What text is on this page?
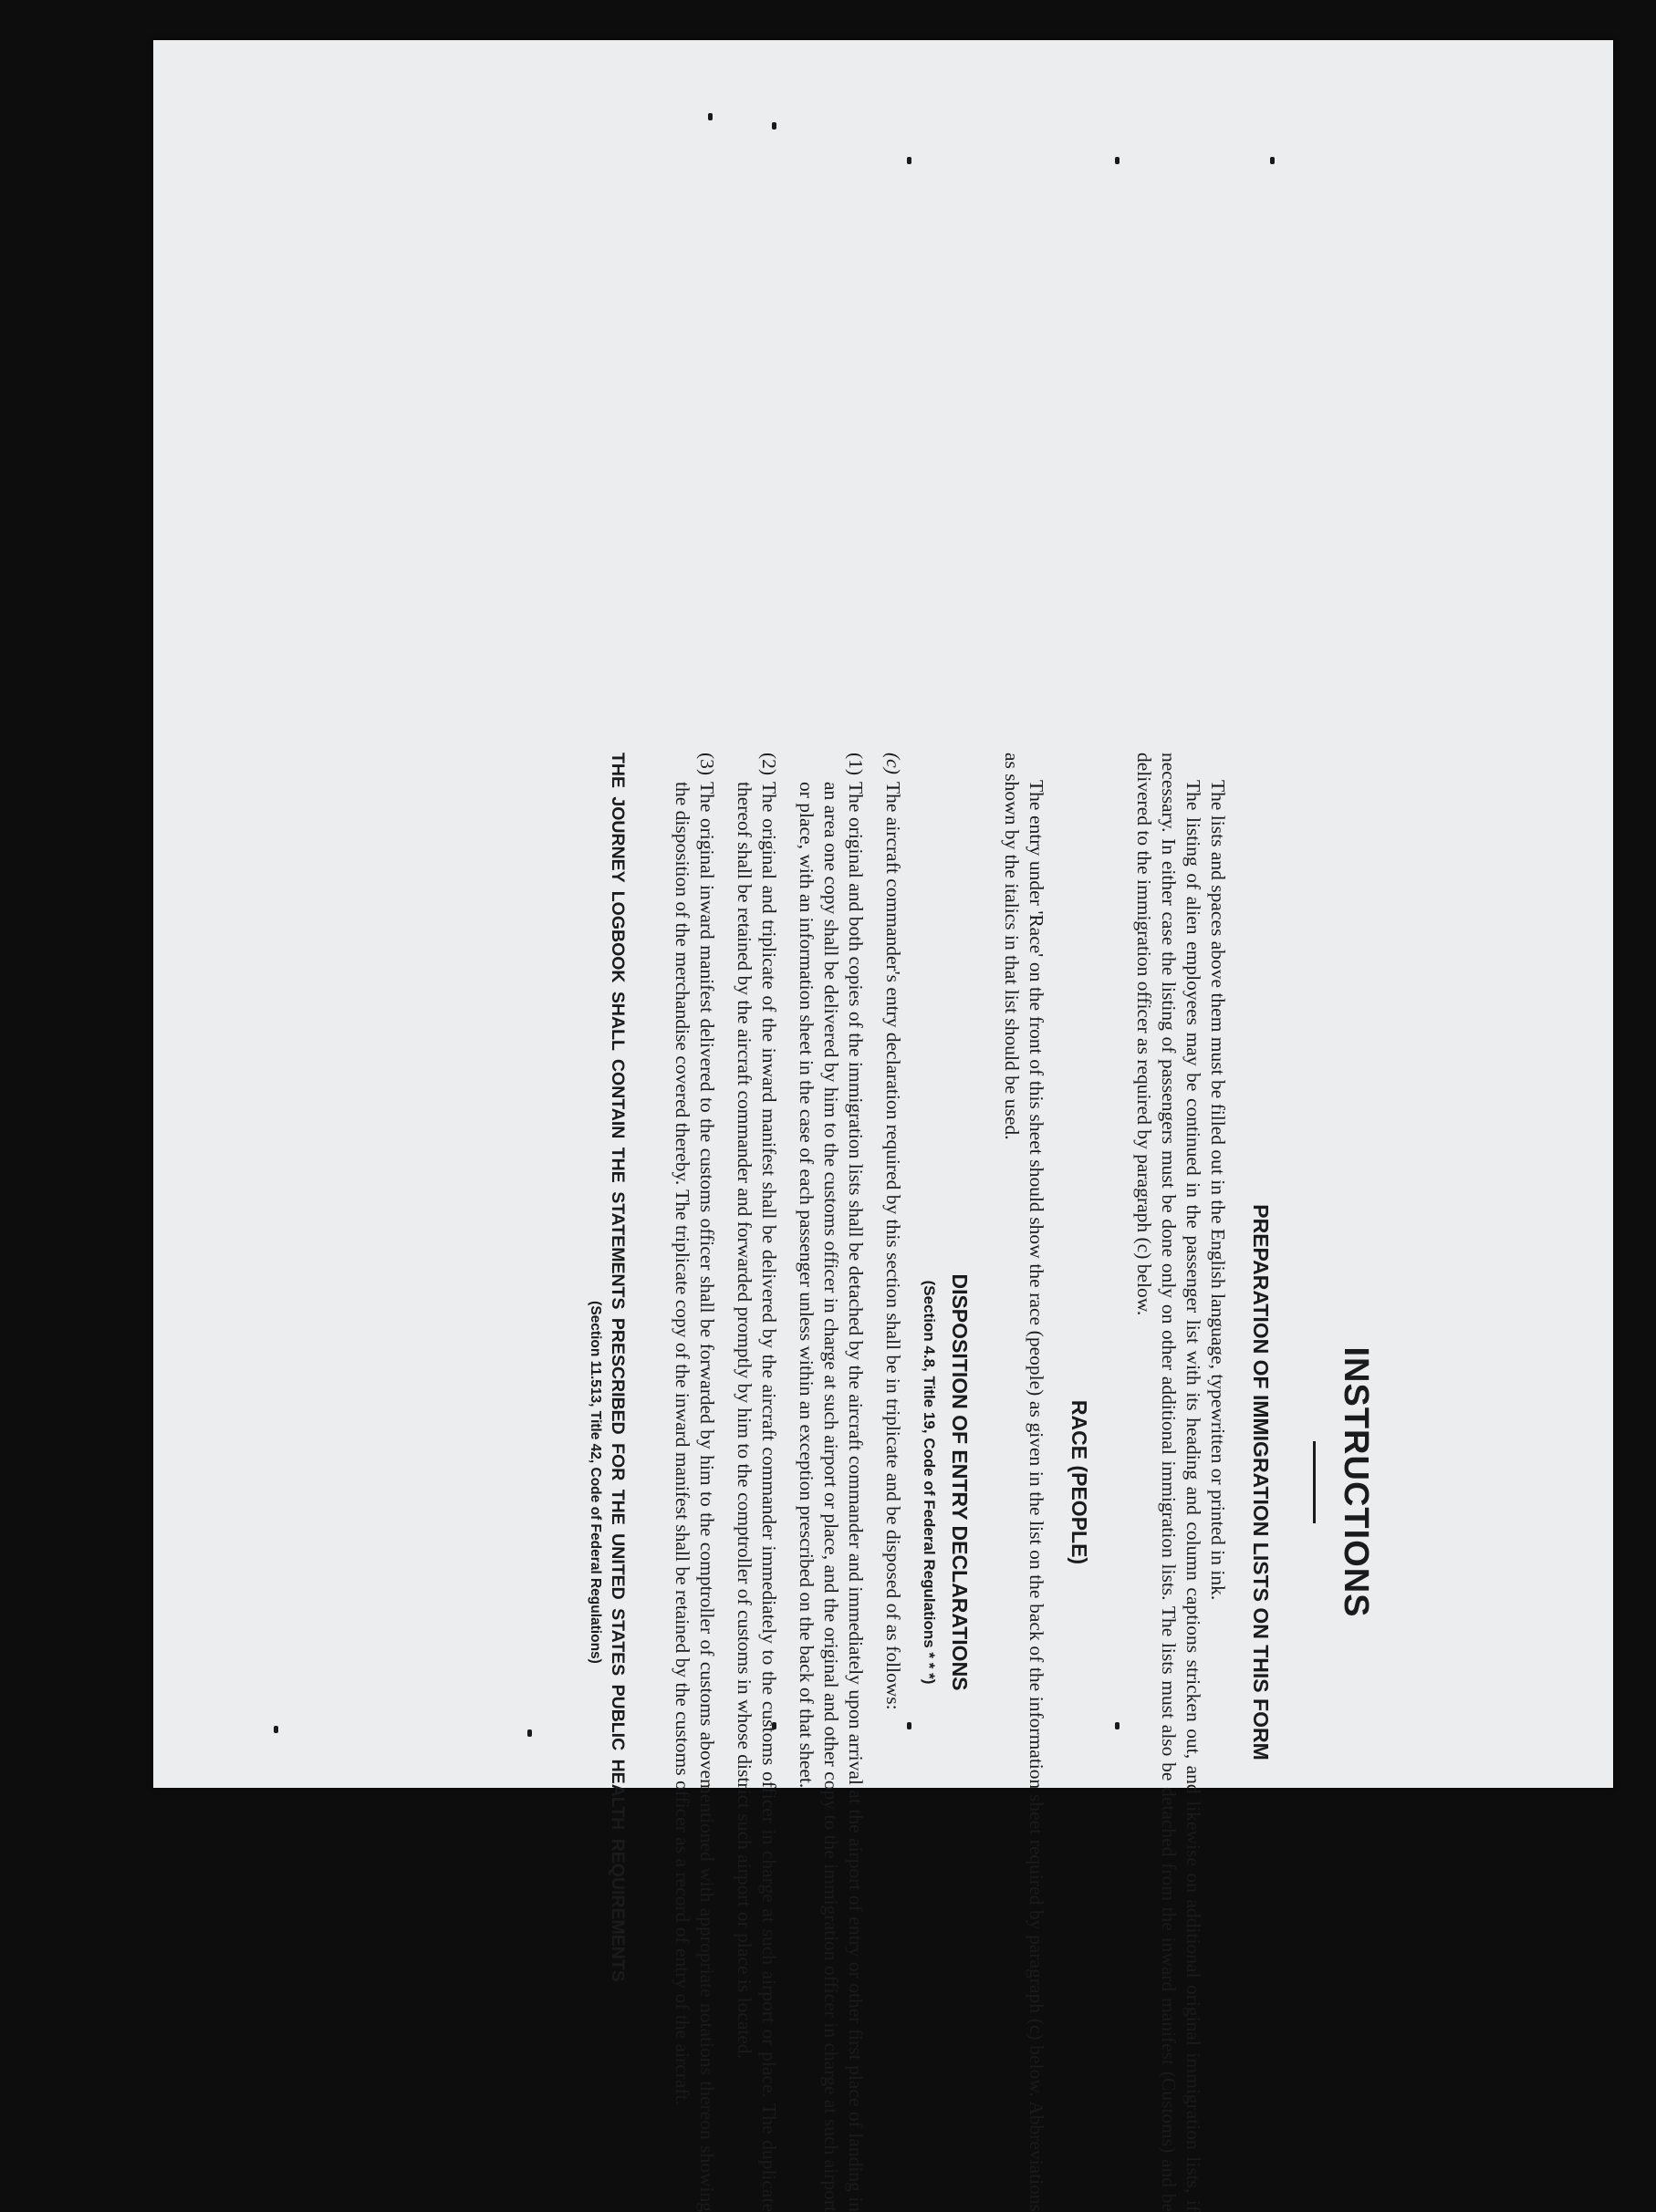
INSTRUCTIONS
PREPARATION OF IMMIGRATION LISTS ON THIS FORM

The lists and spaces above them must be filled out in the English language, typewritten or printed in ink.

The listing of alien employees may be continued in the passenger list with its heading and column captions stricken out, and likewise on additional original immigration lists, if necessary. In either case the listing of passengers must be done only on other additional immigration lists. The lists must also be detached from the inward manifest (Customs) and be delivered to the immigration officer as required by paragraph (c) below.

RACE (PEOPLE)

The entry under 'Race' on the front of this sheet should show the race (people) as given in the list on the back of the information sheet required by paragraph (c) below. Abbreviations as shown by the italics in that list should be used.

DISPOSITION OF ENTRY DECLARATIONS
(Section 4.8, Title 19, Code of Federal Regulations * * *)
(c)

The aircraft commander's entry declaration required by this section shall be in triplicate and be disposed of as follows:

(1)

The original and both copies of the immigration lists shall be detached by the aircraft commander and immediately upon arrival at the airport of entry or other first place of landing in an area one copy shall be delivered by him to the customs officer in charge at such airport or place, and the original and other copy to the immigration officer in charge at such airport or place, with an information sheet in the case of each passenger unless within an exception prescribed on the back of that sheet.

(2)

The original and triplicate of the inward manifest shall be delivered by the aircraft commander immediately to the customs officer in charge at such airport or place. The duplicate thereof shall be retained by the aircraft commander and forwarded promptly by him to the comptroller of customs in whose district such airport or place is located.

(3)

The original inward manifest delivered to the customs officer shall be forwarded by him to the comptroller of customs abovementioned with appropriate notations thereon showing the disposition of the merchandise covered thereby. The triplicate copy of the inward manifest shall be retained by the customs officer as a record of entry of the aircraft.

THE JOURNEY LOGBOOK SHALL CONTAIN THE STATEMENTS PRESCRIBED FOR THE UNITED STATES PUBLIC HEALTH REQUIREMENTS
(Section 11.513, Title 42, Code of Federal Regulations)
